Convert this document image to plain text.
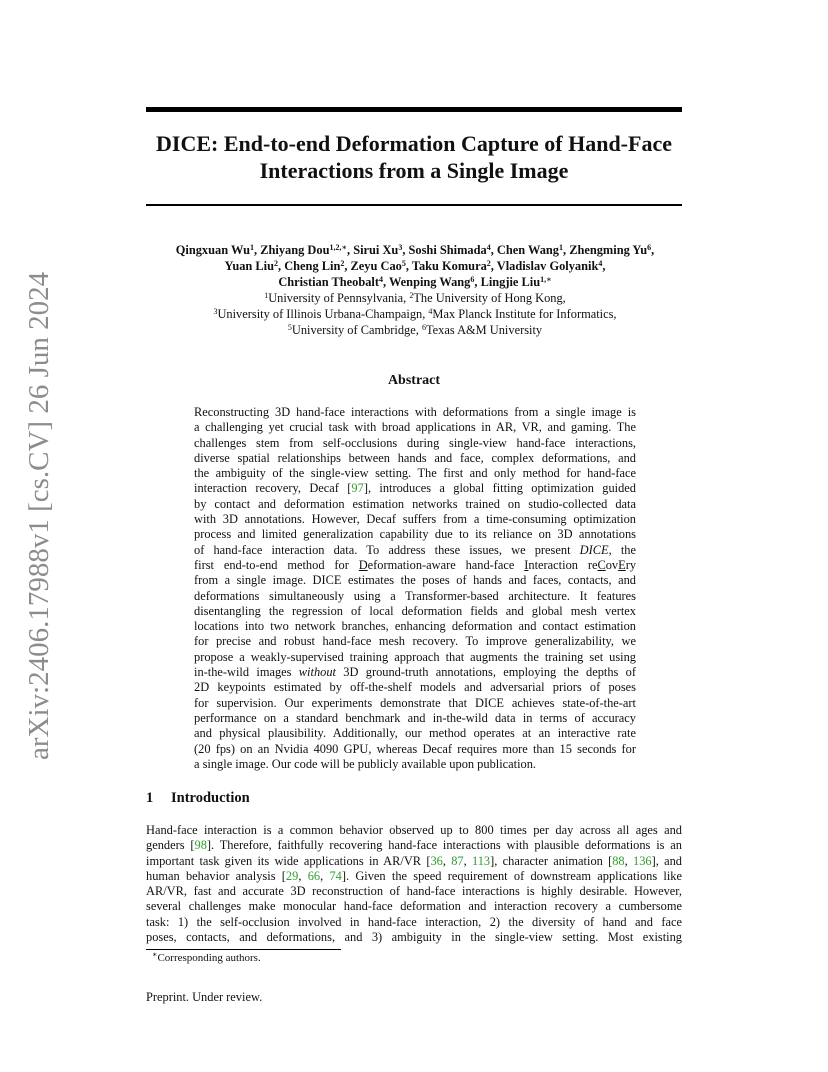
DICE: End-to-end Deformation Capture of Hand-Face
Interactions from a Single Image
Qingxuan Wu$^1$, Zhiyang Dou$^{1,2,∗}$, Sirui Xu$^3$, Soshi Shimada$^4$, Chen Wang$^1$, Zhengming Yu$^6$,
Yuan Liu$^2$, Cheng Lin$^2$, Zeyu Cao$^5$, Taku Komura$^2$, Vladislav Golyanik$^4$,
Christian Theobalt$^4$, Wenping Wang$^6$, Lingjie Liu$^{1,∗}$
$^1$University of Pennsylvania, $^2$The University of Hong Kong,
$^3$University of Illinois Urbana-Champaign, $^4$Max Planck Institute for Informatics,
$^5$University of Cambridge, $^6$Texas A&M University
arXiv:2406.17988v1 [cs.CV] 26 Jun 2024	Abstract
Reconstructing 3D hand-face interactions with deformations from a single image is
a challenging yet crucial task with broad applications in AR, VR, and gaming. The
challenges stem from self-occlusions during single-view hand-face interactions,
diverse spatial relationships between hands and face, complex deformations, and
the ambiguity of the single-view setting. The first and only method for hand-face
interaction recovery, Decaf [97], introduces a global fitting optimization guided
by contact and deformation estimation networks trained on studio-collected data
with 3D annotations. However, Decaf suffers from a time-consuming optimization
process and limited generalization capability due to its reliance on 3D annotations
of hand-face interaction data. To address these issues, we present DICE, the
first end-to-end method for Deformation-aware hand-face Interaction reCovEry
from a single image. DICE estimates the poses of hands and faces, contacts, and
deformations simultaneously using a Transformer-based architecture. It features
disentangling the regression of local deformation fields and global mesh vertex
locations into two network branches, enhancing deformation and contact estimation
for precise and robust hand-face mesh recovery. To improve generalizability, we
propose a weakly-supervised training approach that augments the training set using
in-the-wild images without 3D ground-truth annotations, employing the depths of
2D keypoints estimated by off-the-shelf models and adversarial priors of poses
for supervision. Our experiments demonstrate that DICE achieves state-of-the-art
performance on a standard benchmark and in-the-wild data in terms of accuracy
and physical plausibility. Additionally, our method operates at an interactive rate
(20 fps) on an Nvidia 4090 GPU, whereas Decaf requires more than 15 seconds for
a single image. Our code will be publicly available upon publication.
1 Introduction
Hand-face interaction is a common behavior observed up to 800 times per day across all ages and
genders [98]. Therefore, faithfully recovering hand-face interactions with plausible deformations is an
important task given its wide applications in AR/VR [36, 87, 113], character animation [88, 136], and
human behavior analysis [29, 66, 74]. Given the speed requirement of downstream applications like
AR/VR, fast and accurate 3D reconstruction of hand-face interactions is highly desirable. However,
several challenges make monocular hand-face deformation and interaction recovery a cumbersome
task: 1) the self-occlusion involved in hand-face interaction, 2) the diversity of hand and face
poses, contacts, and deformations, and 3) ambiguity in the single-view setting. Most existing
∗Corresponding authors.
Preprint. Under review.
